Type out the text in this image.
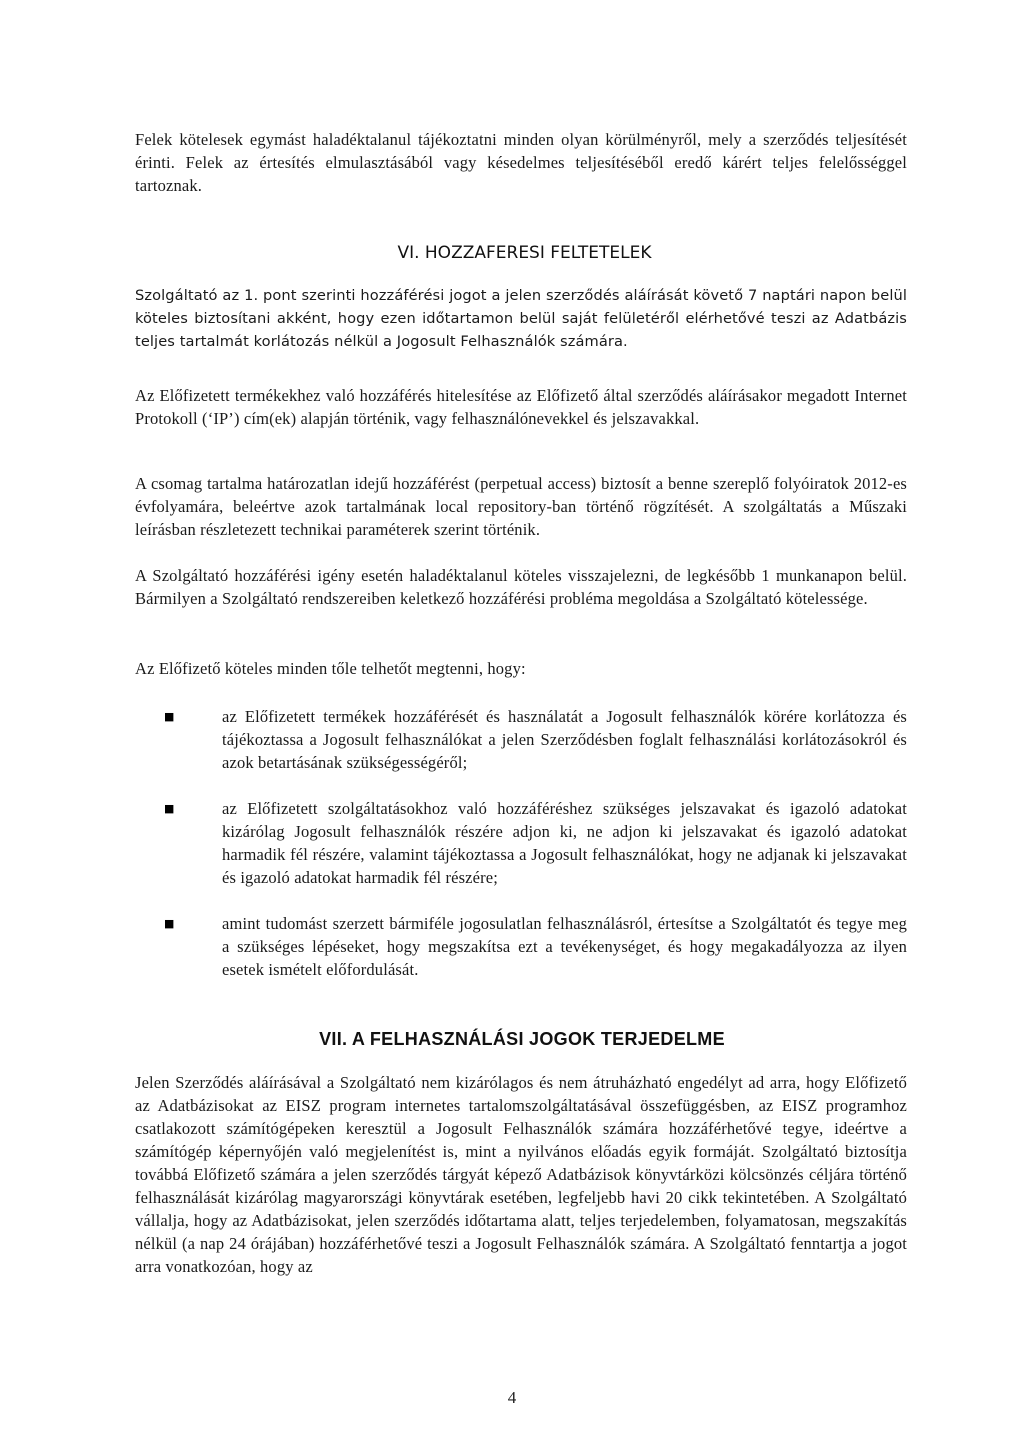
Felek kötelesek egymást haladéktalanul tájékoztatni minden olyan körülményről, mely a szerződés teljesítését érinti. Felek az értesítés elmulasztásából vagy késedelmes teljesítéséből eredő kárért teljes felelősséggel tartoznak.

VI. HOZZAFERESI FELTETELEK

Szolgáltató az 1. pont szerinti hozzáférési jogot a jelen szerződés aláírását követő 7 naptári napon belül köteles biztosítani akként, hogy ezen időtartamon belül saját felületéről elérhetővé teszi az Adatbázis teljes tartalmát korlátozás nélkül a Jogosult Felhasználók számára.

Az Előfizetett termékekhez való hozzáférés hitelesítése az Előfizető által szerződés aláírásakor megadott Internet Protokoll (‘IP’) cím(ek) alapján történik, vagy felhasználónevekkel és jelszavakkal.

A csomag tartalma határozatlan idejű hozzáférést (perpetual access) biztosít a benne szereplő folyóiratok 2012-es évfolyamára, beleértve azok tartalmának local repository-ban történő rögzítését. A szolgáltatás a Műszaki leírásban részletezett technikai paraméterek szerint történik.

A Szolgáltató hozzáférési igény esetén haladéktalanul köteles visszajelezni, de legkésőbb 1 munkanapon belül. Bármilyen a Szolgáltató rendszereiben keletkező hozzáférési probléma megoldása a Szolgáltató kötelessége.

Az Előfizető köteles minden tőle telhetőt megtenni, hogy:

■	az Előfizetett termékek hozzáférését és használatát a Jogosult felhasználók körére korlátozza és tájékoztassa a Jogosult felhasználókat a jelen Szerződésben foglalt felhasználási korlátozásokról és azok betartásának szükségességéről;

■	az Előfizetett szolgáltatásokhoz való hozzáféréshez szükséges jelszavakat és igazoló adatokat kizárólag Jogosult felhasználók részére adjon ki, ne adjon ki jelszavakat és igazoló adatokat harmadik fél részére, valamint tájékoztassa a Jogosult felhasználókat, hogy ne adjanak ki jelszavakat és igazoló adatokat harmadik fél részére;

■	amint tudomást szerzett bármiféle jogosulatlan felhasználásról, értesítse a Szolgáltatót és tegye meg a szükséges lépéseket, hogy megszakítsa ezt a tevékenységet, és hogy megakadályozza az ilyen esetek ismételt előfordulását.

VII. A FELHASZNÁLÁSI JOGOK TERJEDELME

Jelen Szerződés aláírásával a Szolgáltató nem kizárólagos és nem átruházható engedélyt ad arra, hogy Előfizető az Adatbázisokat az EISZ program internetes tartalomszolgáltatásával összefüggésben, az EISZ programhoz csatlakozott számítógépeken keresztül a Jogosult Felhasználók számára hozzáférhetővé tegye, ideértve a számítógép képernyőjén való megjelenítést is, mint a nyilvános előadás egyik formáját. Szolgáltató biztosítja továbbá Előfizető számára a jelen szerződés tárgyát képező Adatbázisok könyvtárközi kölcsönzés céljára történő felhasználását kizárólag magyarországi könyvtárak esetében, legfeljebb havi 20 cikk tekintetében. A Szolgáltató vállalja, hogy az Adatbázisokat, jelen szerződés időtartama alatt, teljes terjedelemben, folyamatosan, megszakítás nélkül (a nap 24 órájában) hozzáférhetővé teszi a Jogosult Felhasználók számára. A Szolgáltató fenntartja a jogot arra vonatkozóan, hogy az

4
